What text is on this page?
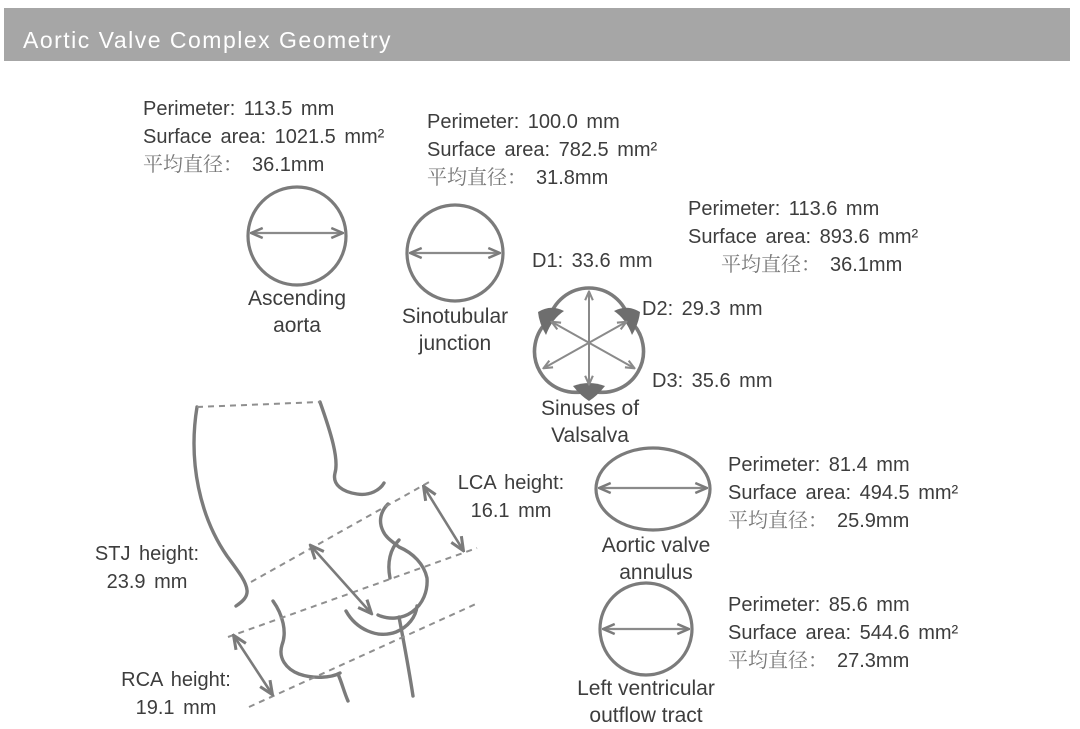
Aortic Valve Complex Geometry
Perimeter: 113.5 mm
Surface area: 1021.5 mm²
平均直径： 36.1mm
Perimeter: 100.0 mm
Surface area: 782.5 mm²
平均直径： 31.8mm
Perimeter: 113.6 mm
Surface area: 893.6 mm²
平均直径： 36.1mm
Perimeter: 81.4 mm
Surface area: 494.5 mm²
平均直径： 25.9mm
Perimeter: 85.6 mm
Surface area: 544.6 mm²
平均直径： 27.3mm
Ascending
aorta	Sinotubular
junction
Sinuses of
Valsalva
Aortic valve
annulus
Left ventricular
outflow tract
D1: 33.6 mm
D2: 29.3 mm
D3: 35.6 mm
STJ height:
23.9 mm
LCA height:
16.1 mm
RCA height:
19.1 mm
